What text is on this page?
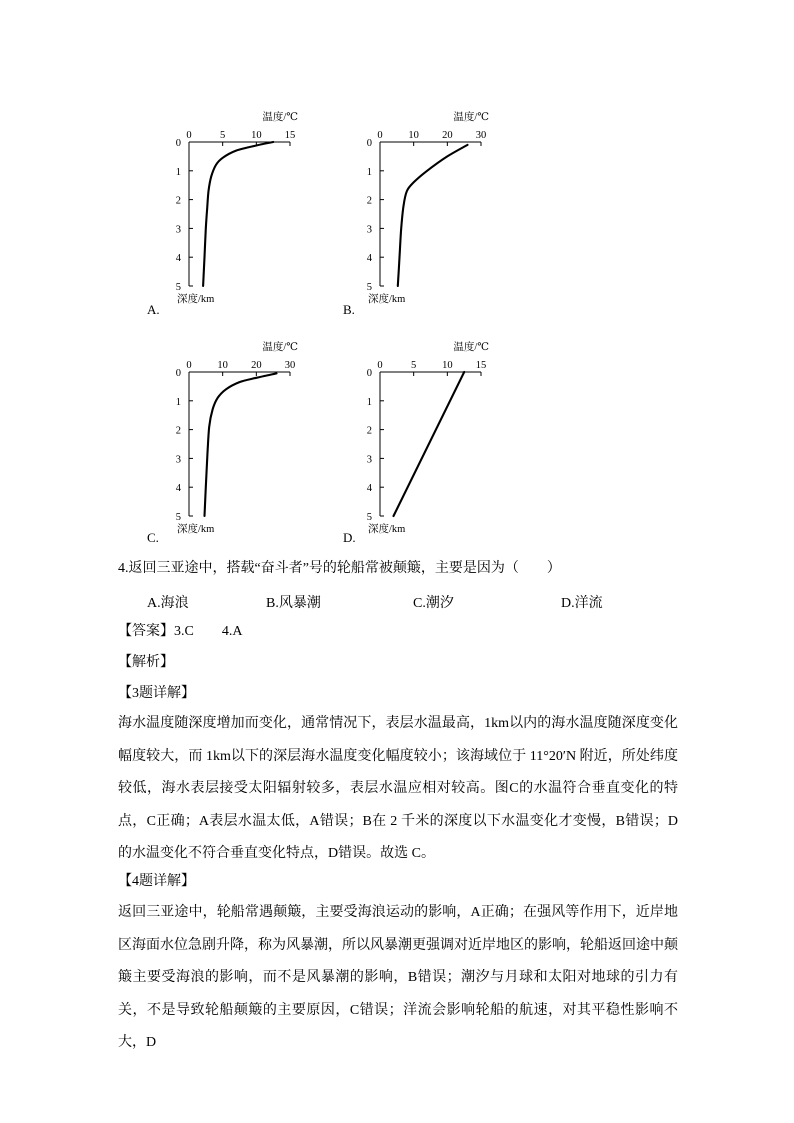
0	5 10 15
0
1
2
3
4
5
温度/℃
深度/km
A.
0 10 20 30
0
1
2
3
4
5
温度/℃
深度/km
B.
0 10 20 30
0
1
2
3
4
5
温度/℃
深度/km
C.
0	5 10 15
0
1
2
3
4
5
温度/℃
深度/km
D.
4.返回三亚途中，搭载“奋斗者”号的轮船常被颠簸，主要是因为（　　）
A.海浪	B.风暴潮	C.潮汐	D.洋流
【答案】3.C　　4.A
【解析】
【3题详解】

海水温度随深度增加而变化，通常情况下，表层水温最高，1km以内的海水温度随深度变化幅度较大，而 1km以下的深层海水温度变化幅度较小；该海域位于 11°20′N 附近，所处纬度较低，海水表层接受太阳辐射较多，表层水温应相对较高。图C的水温符合垂直变化的特点，C正确；A表层水温太低，A错误；B在 2 千米的深度以下水温变化才变慢，B错误；D的水温变化不符合垂直变化特点，D错误。故选 C。

【4题详解】

返回三亚途中，轮船常遇颠簸，主要受海浪运动的影响，A正确；在强风等作用下，近岸地区海面水位急剧升降，称为风暴潮，所以风暴潮更强调对近岸地区的影响，轮船返回途中颠簸主要受海浪的影响，而不是风暴潮的影响，B错误；潮汐与月球和太阳对地球的引力有关，不是导致轮船颠簸的主要原因，C错误；洋流会影响轮船的航速，对其平稳性影响不大，D
